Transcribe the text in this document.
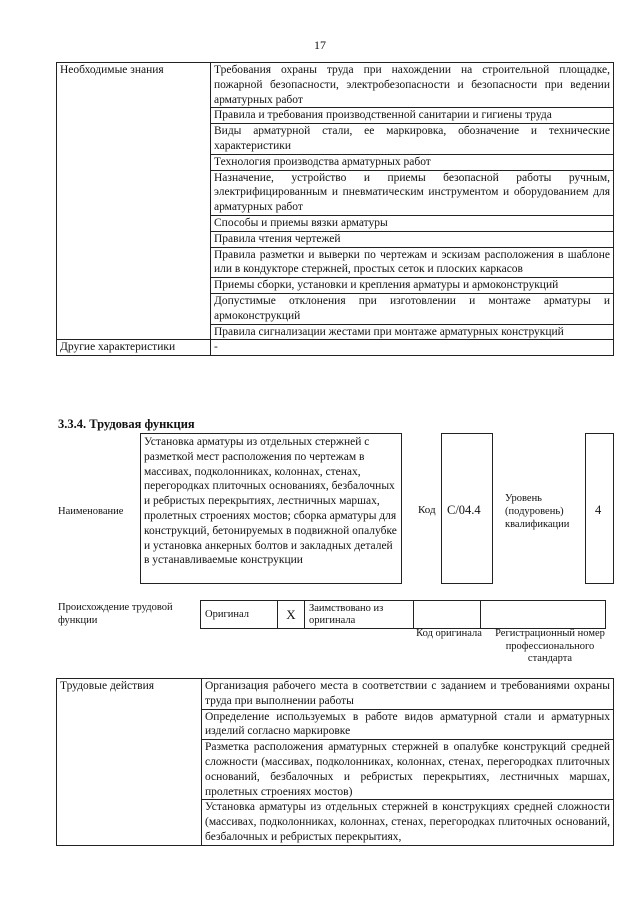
17
Необходимые знания	Требования охраны труда при нахождении на строительной площадке, пожарной безопасности, электробезопасности и безопасности при ведении арматурных работ
	Правила и требования производственной санитарии и гигиены труда
	Виды арматурной стали, ее маркировка, обозначение и технические характеристики
	Технология производства арматурных работ
	Назначение, устройство и приемы безопасной работы ручным, электрифицированным и пневматическим инструментом и оборудованием для арматурных работ
	Способы и приемы вязки арматуры
	Правила чтения чертежей
	Правила разметки и выверки по чертежам и эскизам расположения в шаблоне или в кондукторе стержней, простых сеток и плоских каркасов
	Приемы сборки, установки и крепления арматуры и армоконструкций
	Допустимые отклонения при изготовлении и монтаже арматуры и армоконструкций
	Правила сигнализации жестами при монтаже арматурных конструкций
Другие характеристики	-
3.3.4. Трудовая функция
Наименование
Установка арматуры из отдельных стержней с разметкой мест расположения по чертежам в массивах, подколонниках, колоннах, стенах, перегородках плиточных основаниях, безбалочных и ребристых перекрытиях, лестничных маршах, пролетных строениях мостов; сборка арматуры для конструкций, бетонируемых в подвижной опалубке и установка анкерных болтов и закладных деталей в устанавливаемые конструкции
Код C/04.4
Уровень (подуровень) квалификации
4
Происхождение трудовой функции
Оригинал	X	Заимствовано из оригинала		
Код оригинала	Регистрационный номер профессионального стандарта
Трудовые действия	Организация рабочего места в соответствии с заданием и требованиями охраны труда при выполнении работы
Определение используемых в работе видов арматурной стали и арматурных изделий согласно маркировке
Разметка расположения арматурных стержней в опалубке конструкций средней сложности (массивах, подколонниках, колоннах, стенах, перегородках плиточных оснований, безбалочных и ребристых перекрытиях, лестничных маршах, пролетных строениях мостов)
Установка арматуры из отдельных стержней в конструкциях средней сложности (массивах, подколонниках, колоннах, стенах, перегородках плиточных оснований, безбалочных и ребристых перекрытиях,
